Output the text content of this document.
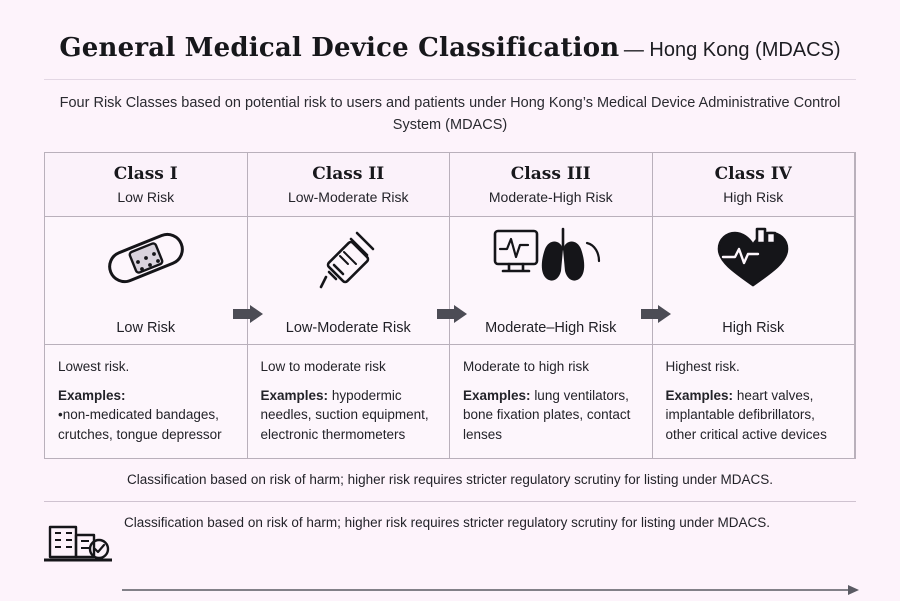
General Medical Device Classification — Hong Kong (MDACS)
Four Risk Classes based on potential risk to users and patients under Hong Kong’s Medical Device Administrative Control System (MDACS)
Class I
Low Risk
Low Risk

Lowest risk.

Examples:
•non-medicated bandages, crutches, tongue depressor

Class II
Low-Moderate Risk
Low-Moderate Risk

Low to moderate risk

Examples: hypodermic needles, suction equipment, electronic thermometers

Class III
Moderate-High Risk
Moderate–High Risk

Moderate to high risk

Examples: lung ventilators, bone fixation plates, contact lenses

Class IV
High Risk
High Risk

Highest risk.

Examples: heart valves, implantable defibrillators, other critical active devices

Classification based on risk of harm; higher risk requires stricter regulatory scrutiny for listing under MDACS.
Classification based on risk of harm; higher risk requires stricter regulatory scrutiny for listing under MDACS.
